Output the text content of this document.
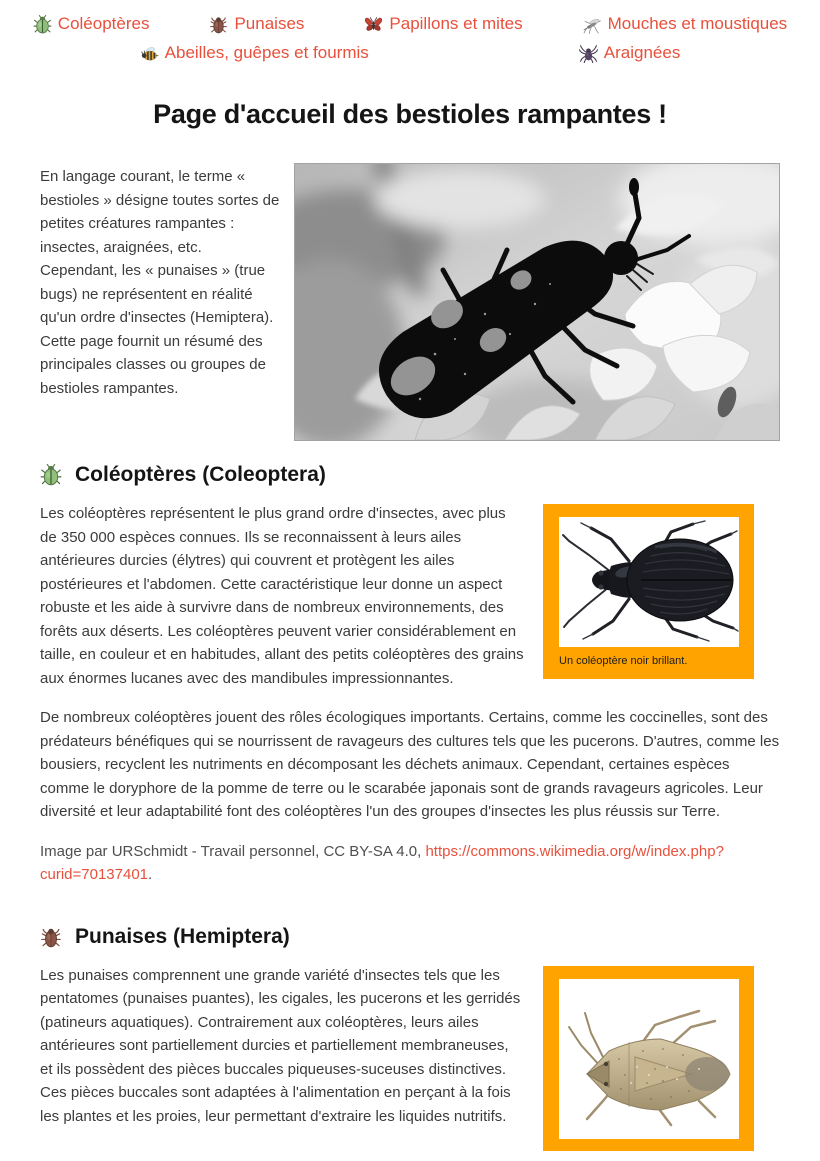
Coléoptères	Punaises	Papillons et mites	Mouches et moustiques
Abeilles, guêpes et fourmis	Araignées
Page d'accueil des bestioles rampantes !

En langage courant, le terme « bestioles » désigne toutes sortes de petites créatures rampantes : insectes, araignées, etc. Cependant, les « punaises » (true bugs) ne représentent en réalité qu'un ordre d'insectes (Hemiptera). Cette page fournit un résumé des principales classes ou groupes de bestioles rampantes.

Coléoptères (Coleoptera)
Un coléoptère noir brillant.

Les coléoptères représentent le plus grand ordre d'insectes, avec plus de 350 000 espèces connues. Ils se reconnaissent à leurs ailes antérieures durcies (élytres) qui couvrent et protègent les ailes postérieures et l'abdomen. Cette caractéristique leur donne un aspect robuste et les aide à survivre dans de nombreux environnements, des forêts aux déserts. Les coléoptères peuvent varier considérablement en taille, en couleur et en habitudes, allant des petits coléoptères des grains aux énormes lucanes avec des mandibules impressionnantes.

De nombreux coléoptères jouent des rôles écologiques importants. Certains, comme les coccinelles, sont des prédateurs bénéfiques qui se nourrissent de ravageurs des cultures tels que les pucerons. D'autres, comme les bousiers, recyclent les nutriments en décomposant les déchets animaux. Cependant, certaines espèces comme le doryphore de la pomme de terre ou le scarabée japonais sont de grands ravageurs agricoles. Leur diversité et leur adaptabilité font des coléoptères l'un des groupes d'insectes les plus réussis sur Terre.

Image par URSchmidt - Travail personnel, CC BY-SA 4.0, https://commons.wikimedia.org/w/index.php?curid=70137401.

Punaises (Hemiptera)

Les punaises comprennent une grande variété d'insectes tels que les pentatomes (punaises puantes), les cigales, les pucerons et les gerridés (patineurs aquatiques). Contrairement aux coléoptères, leurs ailes antérieures sont partiellement durcies et partiellement membraneuses, et ils possèdent des pièces buccales piqueuses-suceuses distinctives. Ces pièces buccales sont adaptées à l'alimentation en perçant à la fois les plantes et les proies, leur permettant d'extraire les liquides nutritifs.
